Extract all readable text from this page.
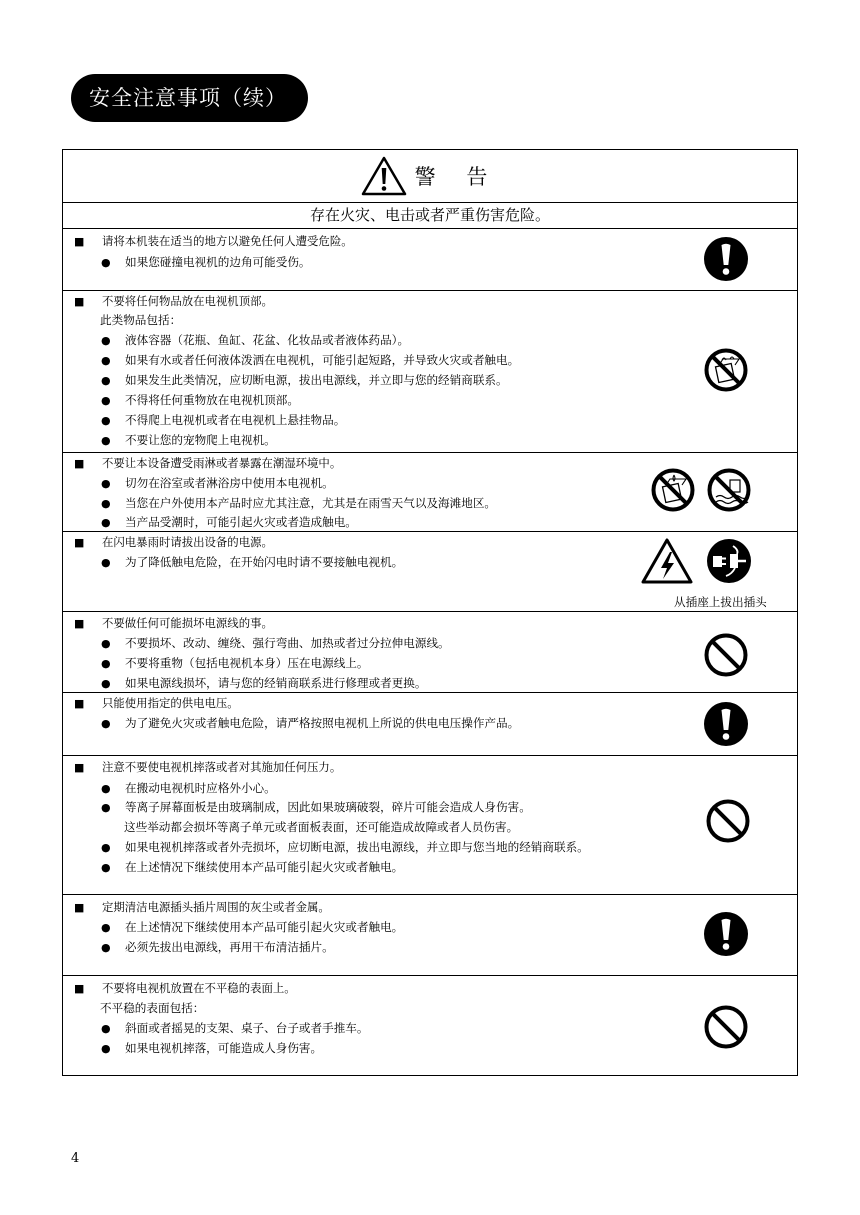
安全注意事项（续）
警 告
存在火灾、电击或者严重伤害危险。
■ 请将本机装在适当的地方以避免任何人遭受危险。
● 如果您碰撞电视机的边角可能受伤。
■ 不要将任何物品放在电视机顶部。
此类物品包括：
● 液体容器（花瓶、鱼缸、花盆、化妆品或者液体药品）。
● 如果有水或者任何液体泼洒在电视机，可能引起短路，并导致火灾或者触电。
● 如果发生此类情况，应切断电源，拔出电源线，并立即与您的经销商联系。
● 不得将任何重物放在电视机顶部。
● 不得爬上电视机或者在电视机上悬挂物品。
● 不要让您的宠物爬上电视机。
■ 不要让本设备遭受雨淋或者暴露在潮湿环境中。
● 切勿在浴室或者淋浴房中使用本电视机。
● 当您在户外使用本产品时应尤其注意，尤其是在雨雪天气以及海滩地区。
● 当产品受潮时，可能引起火灾或者造成触电。
■ 在闪电暴雨时请拔出设备的电源。
● 为了降低触电危险，在开始闪电时请不要接触电视机。
从插座上拔出插头
■ 不要做任何可能损坏电源线的事。
● 不要损坏、改动、缠绕、强行弯曲、加热或者过分拉伸电源线。
● 不要将重物（包括电视机本身）压在电源线上。
● 如果电源线损坏，请与您的经销商联系进行修理或者更换。
■ 只能使用指定的供电电压。
● 为了避免火灾或者触电危险，请严格按照电视机上所说的供电电压操作产品。
■ 注意不要使电视机摔落或者对其施加任何压力。
● 在搬动电视机时应格外小心。
● 等离子屏幕面板是由玻璃制成，因此如果玻璃破裂，碎片可能会造成人身伤害。
这些举动都会损坏等离子单元或者面板表面，还可能造成故障或者人员伤害。
● 如果电视机摔落或者外壳损坏，应切断电源，拔出电源线，并立即与您当地的经销商联系。
● 在上述情况下继续使用本产品可能引起火灾或者触电。
■ 定期清洁电源插头插片周围的灰尘或者金属。
● 在上述情况下继续使用本产品可能引起火灾或者触电。
● 必须先拔出电源线，再用干布清洁插片。
■ 不要将电视机放置在不平稳的表面上。
不平稳的表面包括：
● 斜面或者摇晃的支架、桌子、台子或者手推车。
● 如果电视机摔落，可能造成人身伤害。
4
